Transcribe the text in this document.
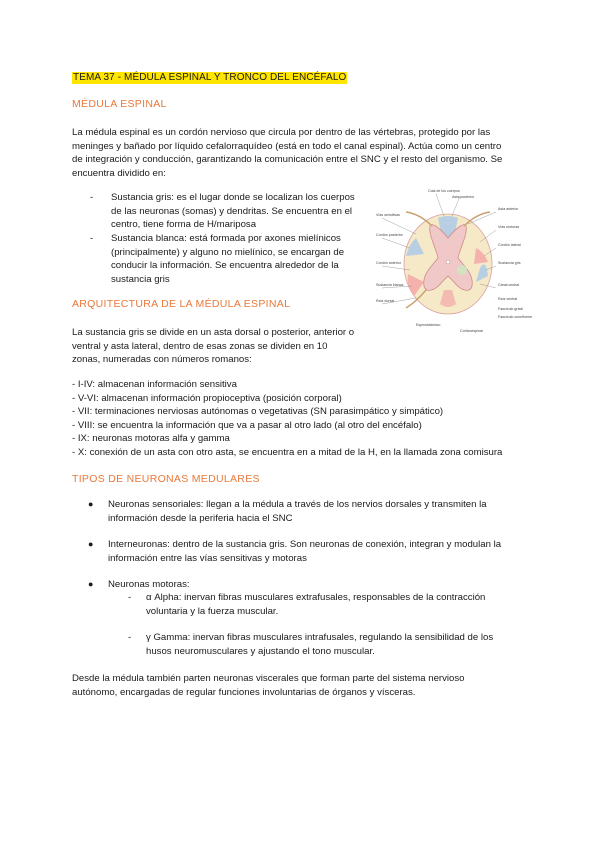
TEMA 37 - MÉDULA ESPINAL Y TRONCO DEL ENCÉFALO
MÉDULA ESPINAL
La médula espinal es un cordón nervioso que circula por dentro de las vértebras, protegido por las
meninges y bañado por líquido cefalorraquídeo (está en todo el canal espinal). Actúa como un centro
de integración y conducción, garantizando la comunicación entre el SNC y el resto del organismo. Se
encuentra dividido en:
- Sustancia gris: es el lugar donde se localizan los cuerpos
de las neuronas (somas) y dendritas. Se encuentra en el
centro, tiene forma de H/mariposa
- Sustancia blanca: está formada por axones mielínicos
(principalmente) y alguno no mielínico, se encargan de
conducir la información. Se encuentra alrededor de la
sustancia gris
Cola de los cuerpos
Asta posterior
Vías sensitivas
Asta anterior
Vías motoras
Cordón posterior
Cordón lateral
Cordón anterior	Sustancia gris
Sustancia blanca	Canal central
Raíz dorsal	Raíz ventral
Fascículo grácil
Fascículo cuneiforme
Espinotalámico
Corticoespinal
ARQUITECTURA DE LA MÉDULA ESPINAL
La sustancia gris se divide en un asta dorsal o posterior, anterior o
ventral y asta lateral, dentro de esas zonas se dividen en 10
zonas, numeradas con números romanos:
- I-IV: almacenan información sensitiva
- V-VI: almacenan información propioceptiva (posición corporal)
- VII: terminaciones nerviosas autónomas o vegetativas (SN parasimpático y simpático)
- VIII: se encuentra la información que va a pasar al otro lado (al otro del encéfalo)
- IX: neuronas motoras alfa y gamma
- X: conexión de un asta con otro asta, se encuentra en a mitad de la H, en la llamada zona comisura
TIPOS DE NEURONAS MEDULARES
● Neuronas sensoriales: llegan a la médula a través de los nervios dorsales y transmiten la
información desde la periferia hacia el SNC
● Interneuronas: dentro de la sustancia gris. Son neuronas de conexión, integran y modulan la
información entre las vías sensitivas y motoras
● Neuronas motoras:
- α Alpha: inervan fibras musculares extrafusales, responsables de la contracción
voluntaria y la fuerza muscular.
- γ Gamma: inervan fibras musculares intrafusales, regulando la sensibilidad de los
husos neuromusculares y ajustando el tono muscular.
Desde la médula también parten neuronas viscerales que forman parte del sistema nervioso
autónomo, encargadas de regular funciones involuntarias de órganos y vísceras.
